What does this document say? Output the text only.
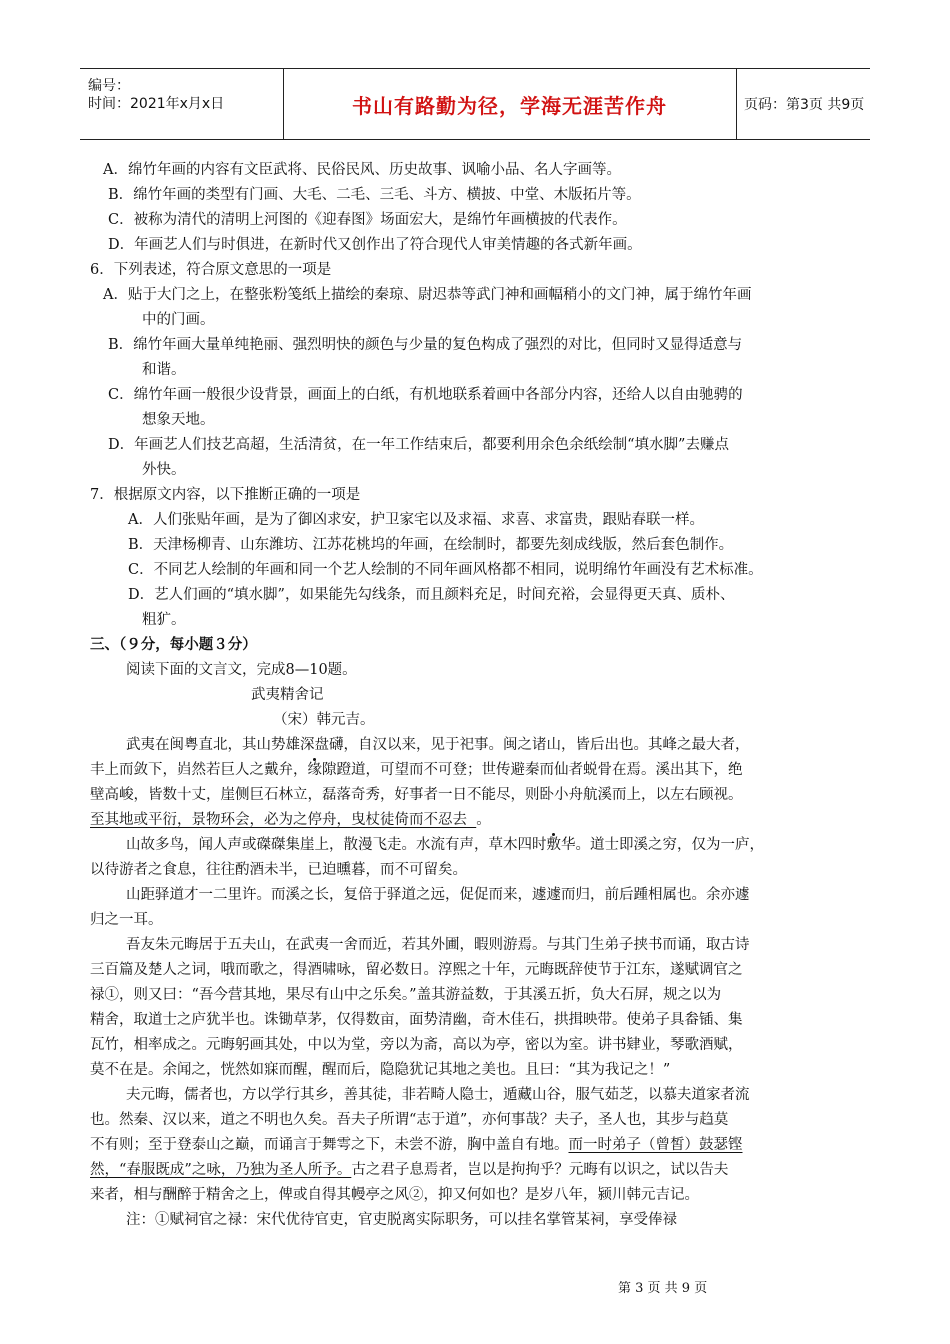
编号：
时间：2021年x月x日	书山有路勤为径，学海无涯苦作舟	页码：第3页 共9页
A．绵竹年画的内容有文臣武将、民俗民风、历史故事、讽喻小品、名人字画等。
B．绵竹年画的类型有门画、大毛、二毛、三毛、斗方、横披、中堂、木版拓片等。
C．被称为清代的清明上河图的《迎春图》场面宏大，是绵竹年画横披的代表作。
D．年画艺人们与时俱进，在新时代又创作出了符合现代人审美情趣的各式新年画。
6．下列表述，符合原文意思的一项是
A．贴于大门之上，在整张粉笺纸上描绘的秦琼、尉迟恭等武门神和画幅稍小的文门神，属于绵竹年画
中的门画。
B．绵竹年画大量单纯艳丽、强烈明快的颜色与少量的复色构成了强烈的对比，但同时又显得适意与
和谐。
C．绵竹年画一般很少设背景，画面上的白纸，有机地联系着画中各部分内容，还给人以自由驰骋的
想象天地。
D．年画艺人们技艺高超，生活清贫，在一年工作结束后，都要利用余色余纸绘制“填水脚”去赚点
外快。
7．根据原文内容，以下推断正确的一项是
A．人们张贴年画，是为了御凶求安，护卫家宅以及求福、求喜、求富贵，跟贴春联一样。
B．天津杨柳青、山东潍坊、江苏花桃坞的年画，在绘制时，都要先刻成线版，然后套色制作。
C．不同艺人绘制的年画和同一个艺人绘制的不同年画风格都不相同，说明绵竹年画没有艺术标准。
D．艺人们画的“填水脚”，如果能先勾线条，而且颜料充足，时间充裕，会显得更天真、质朴、
粗犷。
三、（９分，每小题３分）
阅读下面的文言文，完成8—10题。
武夷精舍记
（宋）韩元吉。
武夷在闽粤直北，其山势雄深盘礴，自汉以来，见于祀事。闽之诸山，皆后出也。其峰之最大者，
丰上而敛下，岿然若巨人之戴弁，缘隙蹬道，可望而不可登；世传避秦而仙者蜕骨在焉。溪出其下，绝
壁高峻，皆数十丈，崖侧巨石林立，磊落奇秀，好事者一日不能尽，则卧小舟航溪而上，以左右顾视。
至其地或平衍，景物环会，必为之停舟，曳杖徒倚而不忍去 。
山故多鸟，闻人声或磔磔集崖上，散漫飞走。水流有声，草木四时敷华。道士即溪之穷，仅为一庐，
以待游者之食息，往往酌酒未半，已迫曛暮，而不可留矣。
山距驿道才一二里许。而溪之长，复倍于驿道之远，促促而来，遽遽而归，前后踵相属也。余亦遽
归之一耳。
吾友朱元晦居于五夫山，在武夷一舍而近，若其外圃，暇则游焉。与其门生弟子挟书而诵，取古诗
三百篇及楚人之词，哦而歌之，得酒啸咏，留必数日。淳熙之十年，元晦既辞使节于江东，遂赋调官之
禄①，则又曰：“吾今营其地，果尽有山中之乐矣。”盖其游益数，于其溪五折，负大石屏，规之以为
精舍，取道士之庐犹半也。诛锄草茅，仅得数亩，面势清幽，奇木佳石，拱揖映带。使弟子具畚锸、集
瓦竹，相率成之。元晦躬画其处，中以为堂，旁以为斋，高以为亭，密以为室。讲书肄业，琴歌酒赋，
莫不在是。余闻之，恍然如寐而醒，醒而后，隐隐犹记其地之美也。且曰：“其为我记之！”
夫元晦，儒者也，方以学行其乡，善其徒，非若畸人隐士，遁藏山谷，服气茹芝，以慕夫道家者流
也。然秦、汉以来，道之不明也久矣。吾夫子所谓“志于道”，亦何事哉？夫子，圣人也，其步与趋莫
不有则；至于登泰山之巅，而诵言于舞雩之下，未尝不游，胸中盖自有地。而一时弟子（曾皙）鼓瑟铿
然，“春服既成”之咏，乃独为圣人所予。古之君子息焉者，岂以是拘拘乎？元晦有以识之，试以告夫
来者，相与酬醉于精舍之上，俾或自得其幔亭之风②，抑又何如也？是岁八年，颍川韩元吉记。
注：①赋祠官之禄：宋代优待官吏，官吏脱离实际职务，可以挂名掌管某祠，享受俸禄
第 3 页 共 9 页
